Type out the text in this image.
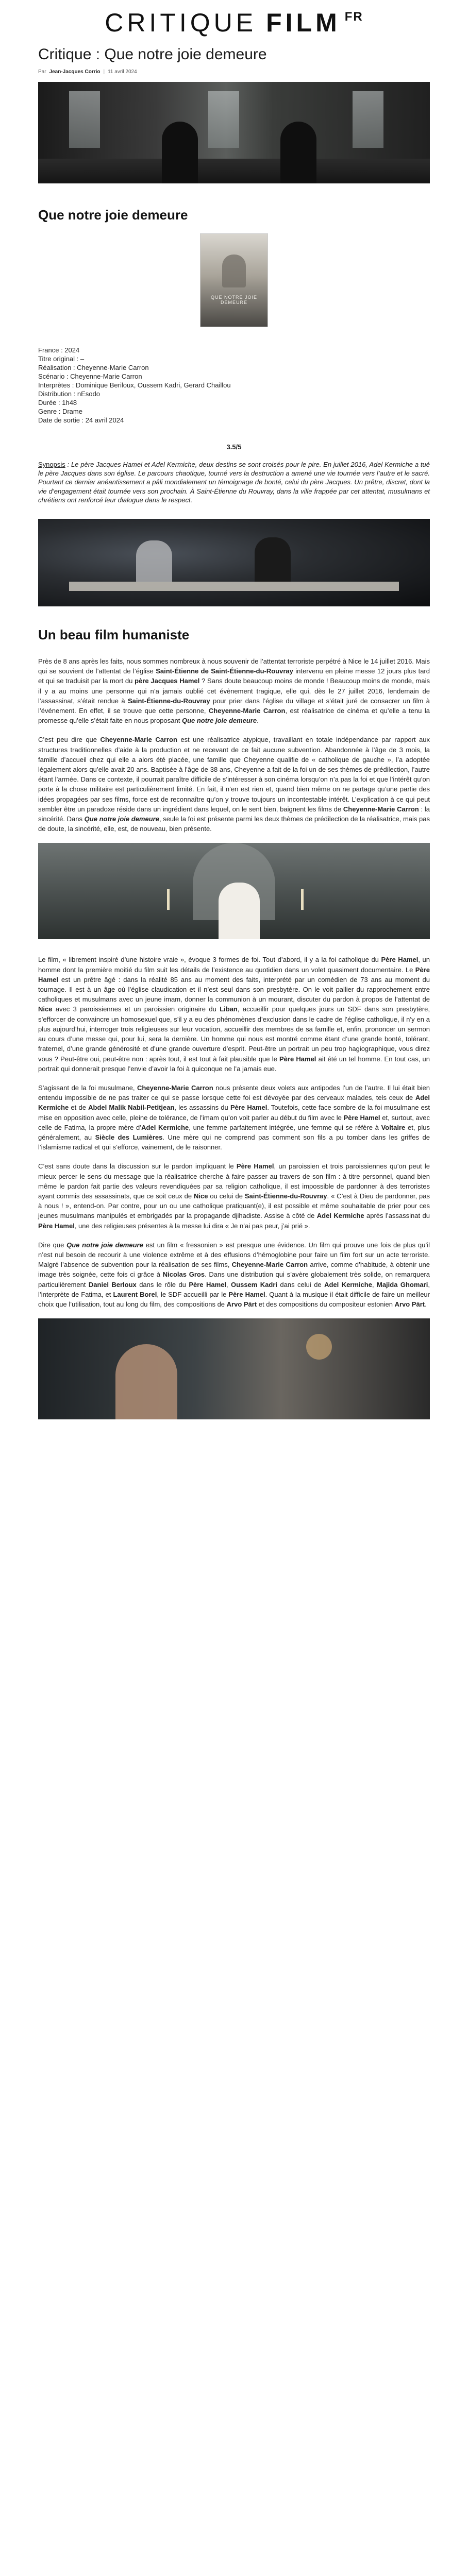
CRITIQUE FILM FR
Critique : Que notre joie demeure
Par Jean-Jacques Corrio | 11 avril 2024
Que notre joie demeure
QUE NOTRE JOIE DEMEURE
France : 2024
Titre original : –
Réalisation : Cheyenne-Marie Carron
Scénario : Cheyenne-Marie Carron
Interprètes : Dominique Beriloux, Oussem Kadri, Gerard Chaillou
Distribution : nEsodo
Durée : 1h48
Genre : Drame
Date de sortie : 24 avril 2024
3.5/5

Synopsis : Le père Jacques Hamel et Adel Kermiche, deux destins se sont croisés pour le pire. En juillet 2016, Adel Kermiche a tué le père Jacques dans son église. Le parcours chaotique, tourné vers la destruction a amené une vie tournée vers l’autre et le sacré. Pourtant ce dernier anéantissement a pâli mondialement un témoignage de bonté, celui du père Jacques. Un prêtre, discret, dont la vie d’engagement était tournée vers son prochain. À Saint-Étienne du Rouvray, dans la ville frappée par cet attentat, musulmans et chrétiens ont renforcé leur dialogue dans le respect.

Un beau film humaniste

Près de 8 ans après les faits, nous sommes nombreux à nous souvenir de l’attentat terroriste perpétré à Nice le 14 juillet 2016. Mais qui se souvient de l’attentat de l’église Saint-Étienne de Saint-Étienne-du-Rouvray intervenu en pleine messe 12 jours plus tard et qui se traduisit par la mort du père Jacques Hamel ? Sans doute beaucoup moins de monde ! Beaucoup moins de monde, mais il y a au moins une personne qui n’a jamais oublié cet évènement tragique, elle qui, dès le 27 juillet 2016, lendemain de l’assassinat, s’était rendue à Saint-Étienne-du-Rouvray pour prier dans l’église du village et s’était juré de consacrer un film à l’événement. En effet, il se trouve que cette personne, Cheyenne-Marie Carron, est réalisatrice de cinéma et qu’elle a tenu la promesse qu’elle s’était faite en nous proposant Que notre joie demeure.

C’est peu dire que Cheyenne-Marie Carron est une réalisatrice atypique, travaillant en totale indépendance par rapport aux structures traditionnelles d’aide à la production et ne recevant de ce fait aucune subvention. Abandonnée à l’âge de 3 mois, la famille d’accueil chez qui elle a alors été placée, une famille que Cheyenne qualifie de « catholique de gauche », l’a adoptée légalement alors qu’elle avait 20 ans. Baptisée à l’âge de 38 ans, Cheyenne a fait de la foi un de ses thèmes de prédilection, l’autre étant l’armée. Dans ce contexte, il pourrait paraître difficile de s’intéresser à son cinéma lorsqu’on n’a pas la foi et que l’intérêt qu’on porte à la chose militaire est particulièrement limité. En fait, il n’en est rien et, quand bien même on ne partage qu’une partie des idées propagées par ses films, force est de reconnaître qu’on y trouve toujours un incontestable intérêt. L’explication à ce qui peut sembler être un paradoxe réside dans un ingrédient dans lequel, on le sent bien, baignent les films de Cheyenne-Marie Carron : la sincérité. Dans Que notre joie demeure, seule la foi est présente parmi les deux thèmes de prédilection de la réalisatrice, mais pas de doute, la sincérité, elle, est, de nouveau, bien présente.

Le film, « librement inspiré d’une histoire vraie », évoque 3 formes de foi. Tout d’abord, il y a la foi catholique du Père Hamel, un homme dont la première moitié du film suit les détails de l’existence au quotidien dans un volet quasiment documentaire. Le Père Hamel est un prêtre âgé : dans la réalité 85 ans au moment des faits, interprété par un comédien de 73 ans au moment du tournage. Il est à un âge où l’église claudication et il n’est seul dans son presbytère. On le voit pallier du rapprochement entre catholiques et musulmans avec un jeune imam, donner la communion à un mourant, discuter du pardon à propos de l’attentat de Nice avec 3 paroissiennes et un paroissien originaire du Liban, accueillir pour quelques jours un SDF dans son presbytère, s’efforcer de convaincre un homosexuel que, s’il y a eu des phénomènes d’exclusion dans le cadre de l’église catholique, il n’y en a plus aujourd’hui, interroger trois religieuses sur leur vocation, accueillir des membres de sa famille et, enfin, prononcer un sermon au cours d’une messe qui, pour lui, sera la dernière. Un homme qui nous est montré comme étant d’une grande bonté, tolérant, fraternel, d’une grande générosité et d’une grande ouverture d’esprit. Peut-être un portrait un peu trop hagiographique, vous direz vous ? Peut-être oui, peut-être non : après tout, il est tout à fait plausible que le Père Hamel ait été un tel homme. En tout cas, un portrait qui donnerait presque l’envie d’avoir la foi à quiconque ne l’a jamais eue.

S’agissant de la foi musulmane, Cheyenne-Marie Carron nous présente deux volets aux antipodes l’un de l’autre. Il lui était bien entendu impossible de ne pas traiter ce qui se passe lorsque cette foi est dévoyée par des cerveaux malades, tels ceux de Adel Kermiche et de Abdel Malik Nabil-Petitjean, les assassins du Père Hamel. Toutefois, cette face sombre de la foi musulmane est mise en opposition avec celle, pleine de tolérance, de l’imam qu’on voit parler au début du film avec le Père Hamel et, surtout, avec celle de Fatima, la propre mère d’Adel Kermiche, une femme parfaitement intégrée, une femme qui se réfère à Voltaire et, plus généralement, au Siècle des Lumières. Une mère qui ne comprend pas comment son fils a pu tomber dans les griffes de l’islamisme radical et qui s’efforce, vainement, de le raisonner.

C’est sans doute dans la discussion sur le pardon impliquant le Père Hamel, un paroissien et trois paroissiennes qu’on peut le mieux percer le sens du message que la réalisatrice cherche à faire passer au travers de son film : à titre personnel, quand bien même le pardon fait partie des valeurs revendiquées par sa religion catholique, il est impossible de pardonner à des terroristes ayant commis des assassinats, que ce soit ceux de Nice ou celui de Saint-Étienne-du-Rouvray. « C’est à Dieu de pardonner, pas à nous ! », entend-on. Par contre, pour un ou une catholique pratiquant(e), il est possible et même souhaitable de prier pour ces jeunes musulmans manipulés et embrigadés par la propagande djihadiste. Assise à côté de Adel Kermiche après l’assassinat du Père Hamel, une des religieuses présentes à la messe lui dira « Je n’ai pas peur, j’ai prié ».

Dire que Que notre joie demeure est un film « fressonien » est presque une évidence. Un film qui prouve une fois de plus qu’il n’est nul besoin de recourir à une violence extrême et à des effusions d’hémoglobine pour faire un film fort sur un acte terroriste. Malgré l’absence de subvention pour la réalisation de ses films, Cheyenne-Marie Carron arrive, comme d’habitude, à obtenir une image très soignée, cette fois ci grâce à Nicolas Gros. Dans une distribution qui s’avère globalement très solide, on remarquera particulièrement Daniel Berloux dans le rôle du Père Hamel, Oussem Kadri dans celui de Adel Kermiche, Majida Ghomari, l’interprète de Fatima, et Laurent Borel, le SDF accueilli par le Père Hamel. Quant à la musique il était difficile de faire un meilleur choix que l’utilisation, tout au long du film, des compositions de Arvo Pärt et des compositions du compositeur estonien Arvo Pärt.
